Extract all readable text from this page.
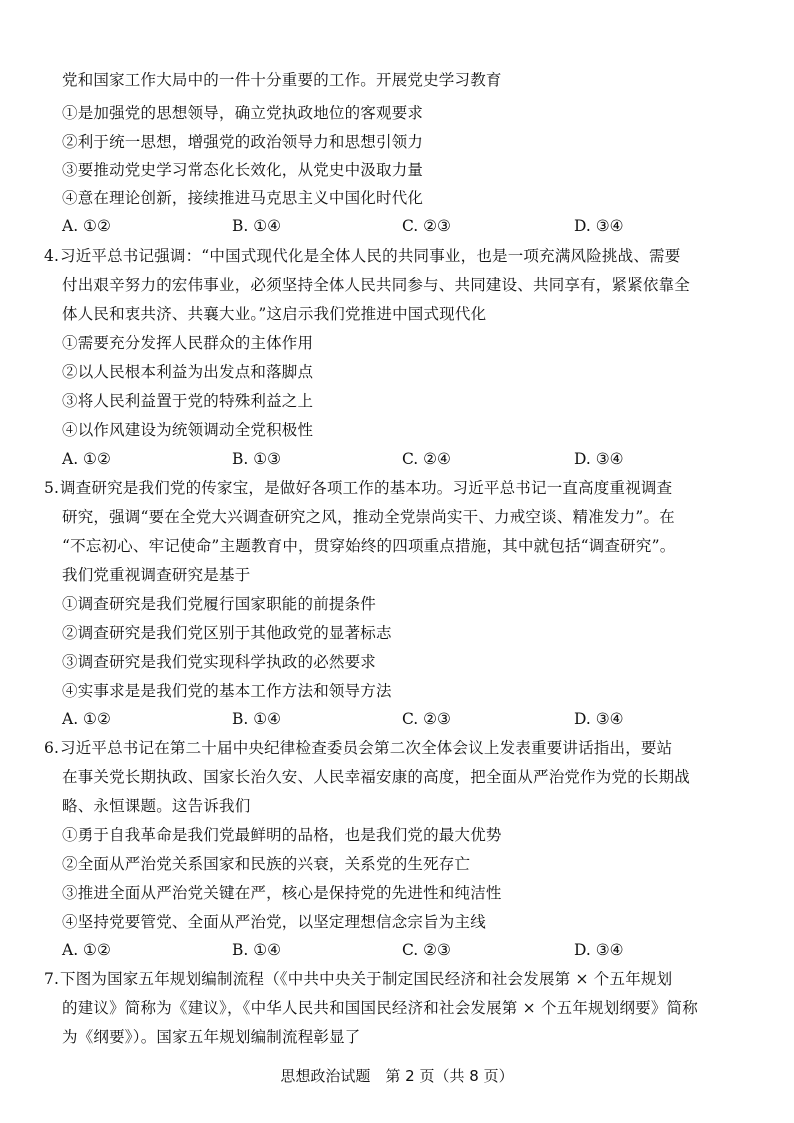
党和国家工作大局中的一件十分重要的工作。开展党史学习教育
①是加强党的思想领导，确立党执政地位的客观要求
②利于统一思想，增强党的政治领导力和思想引领力
③要推动党史学习常态化长效化，从党史中汲取力量
④意在理论创新，接续推进马克思主义中国化时代化
A. ①②	B. ①④	C. ②③	D. ③④
4.习近平总书记强调：“中国式现代化是全体人民的共同事业，也是一项充满风险挑战、需要
付出艰辛努力的宏伟事业，必须坚持全体人民共同参与、共同建设、共同享有，紧紧依靠全
体人民和衷共济、共襄大业。”这启示我们党推进中国式现代化
①需要充分发挥人民群众的主体作用
②以人民根本利益为出发点和落脚点
③将人民利益置于党的特殊利益之上
④以作风建设为统领调动全党积极性
A. ①②	B. ①③	C. ②④	D. ③④
5.调查研究是我们党的传家宝，是做好各项工作的基本功。习近平总书记一直高度重视调查
研究，强调“要在全党大兴调查研究之风，推动全党崇尚实干、力戒空谈、精准发力”。在
“不忘初心、牢记使命”主题教育中，贯穿始终的四项重点措施，其中就包括“调查研究”。
我们党重视调查研究是基于
①调查研究是我们党履行国家职能的前提条件
②调查研究是我们党区别于其他政党的显著标志
③调查研究是我们党实现科学执政的必然要求
④实事求是是我们党的基本工作方法和领导方法
A. ①②	B. ①④	C. ②③	D. ③④
6.习近平总书记在第二十届中央纪律检查委员会第二次全体会议上发表重要讲话指出，要站
在事关党长期执政、国家长治久安、人民幸福安康的高度，把全面从严治党作为党的长期战
略、永恒课题。这告诉我们
①勇于自我革命是我们党最鲜明的品格，也是我们党的最大优势
②全面从严治党关系国家和民族的兴衰，关系党的生死存亡
③推进全面从严治党关键在严，核心是保持党的先进性和纯洁性
④坚持党要管党、全面从严治党，以坚定理想信念宗旨为主线
A. ①②	B. ①④	C. ②③	D. ③④
7.下图为国家五年规划编制流程（《中共中央关于制定国民经济和社会发展第 × 个五年规划
的建议》简称为《建议》，《中华人民共和国国民经济和社会发展第 × 个五年规划纲要》简称
为《纲要》）。国家五年规划编制流程彰显了
思想政治试题　第 2 页（共 8 页）
